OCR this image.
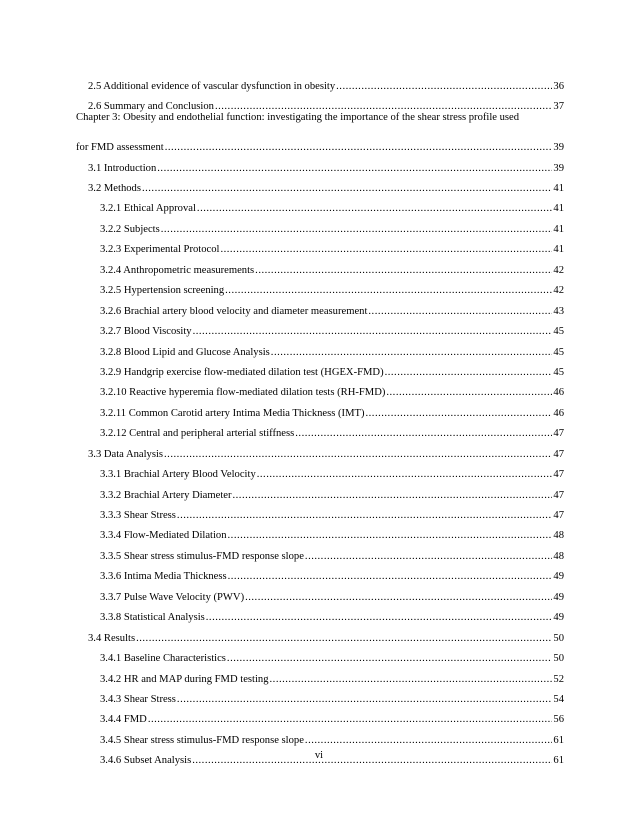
2.5 Additional evidence of vascular dysfunction in obesity .....	36
2.6 Summary and Conclusion .....	37
Chapter 3: Obesity and endothelial function: investigating the importance of the shear stress profile used
for FMD assessment .....	39
3.1 Introduction .....	39
3.2 Methods .....	41
3.2.1 Ethical Approval .....	41
3.2.2 Subjects .....	41
3.2.3 Experimental Protocol .....	41
3.2.4 Anthropometric measurements .....	42
3.2.5 Hypertension screening .....	42
3.2.6 Brachial artery blood velocity and diameter measurement .....	43
3.2.7 Blood Viscosity .....	45
3.2.8 Blood Lipid and Glucose Analysis .....	45
3.2.9 Handgrip exercise flow-mediated dilation test (HGEX-FMD) .....	45
3.2.10 Reactive hyperemia flow-mediated dilation tests (RH-FMD) .....	46
3.2.11 Common Carotid artery Intima Media Thickness (IMT) .....	46
3.2.12 Central and peripheral arterial stiffness .....	47
3.3 Data Analysis .....	47
3.3.1 Brachial Artery Blood Velocity .....	47
3.3.2 Brachial Artery Diameter .....	47
3.3.3 Shear Stress .....	47
3.3.4 Flow-Mediated Dilation .....	48
3.3.5 Shear stress stimulus-FMD response slope .....	48
3.3.6 Intima Media Thickness .....	49
3.3.7 Pulse Wave Velocity (PWV) .....	49
3.3.8 Statistical Analysis .....	49
3.4 Results .....	50
3.4.1 Baseline Characteristics .....	50
3.4.2 HR and MAP during FMD testing .....	52
3.4.3 Shear Stress .....	54
3.4.4 FMD .....	56
3.4.5 Shear stress stimulus-FMD response slope .....	61
3.4.6 Subset Analysis .....	61
vi
